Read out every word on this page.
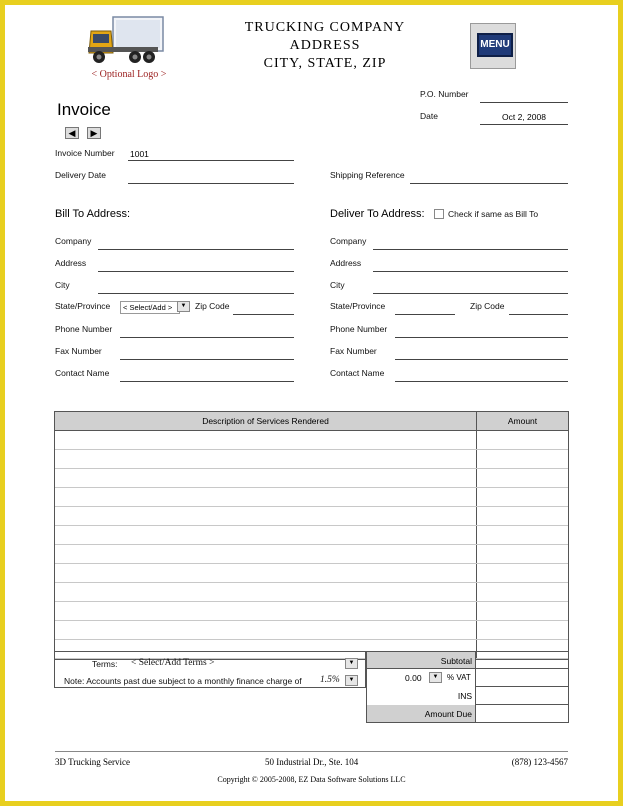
< Optional Logo >
TRUCKING COMPANY
ADDRESS
CITY, STATE, ZIP
MENU
Invoice
◀	▶
P.O. Number
Date	Oct 2, 2008
Invoice Number 1001
Delivery Date	Shipping Reference
Bill To Address:
Company
Address
City
State/Province	< Select/Add >	▼	Zip Code
Phone Number
Fax Number
Contact Name
Deliver To Address:	Check if same as Bill To
Company
Address
City
State/Province	Zip Code
Phone Number
Fax Number
Contact Name
Description of Services Rendered	Amount
Terms: < Select/Add Terms >	▼
Note: Accounts past due subject to a monthly finance charge of 1.5%	▼
Subtotal
0.00	▼	% VAT
INS
Amount Due
3D Trucking Service	50 Industrial Dr., Ste. 104	(878) 123-4567
Copyright © 2005-2008, EZ Data Software Solutions LLC
